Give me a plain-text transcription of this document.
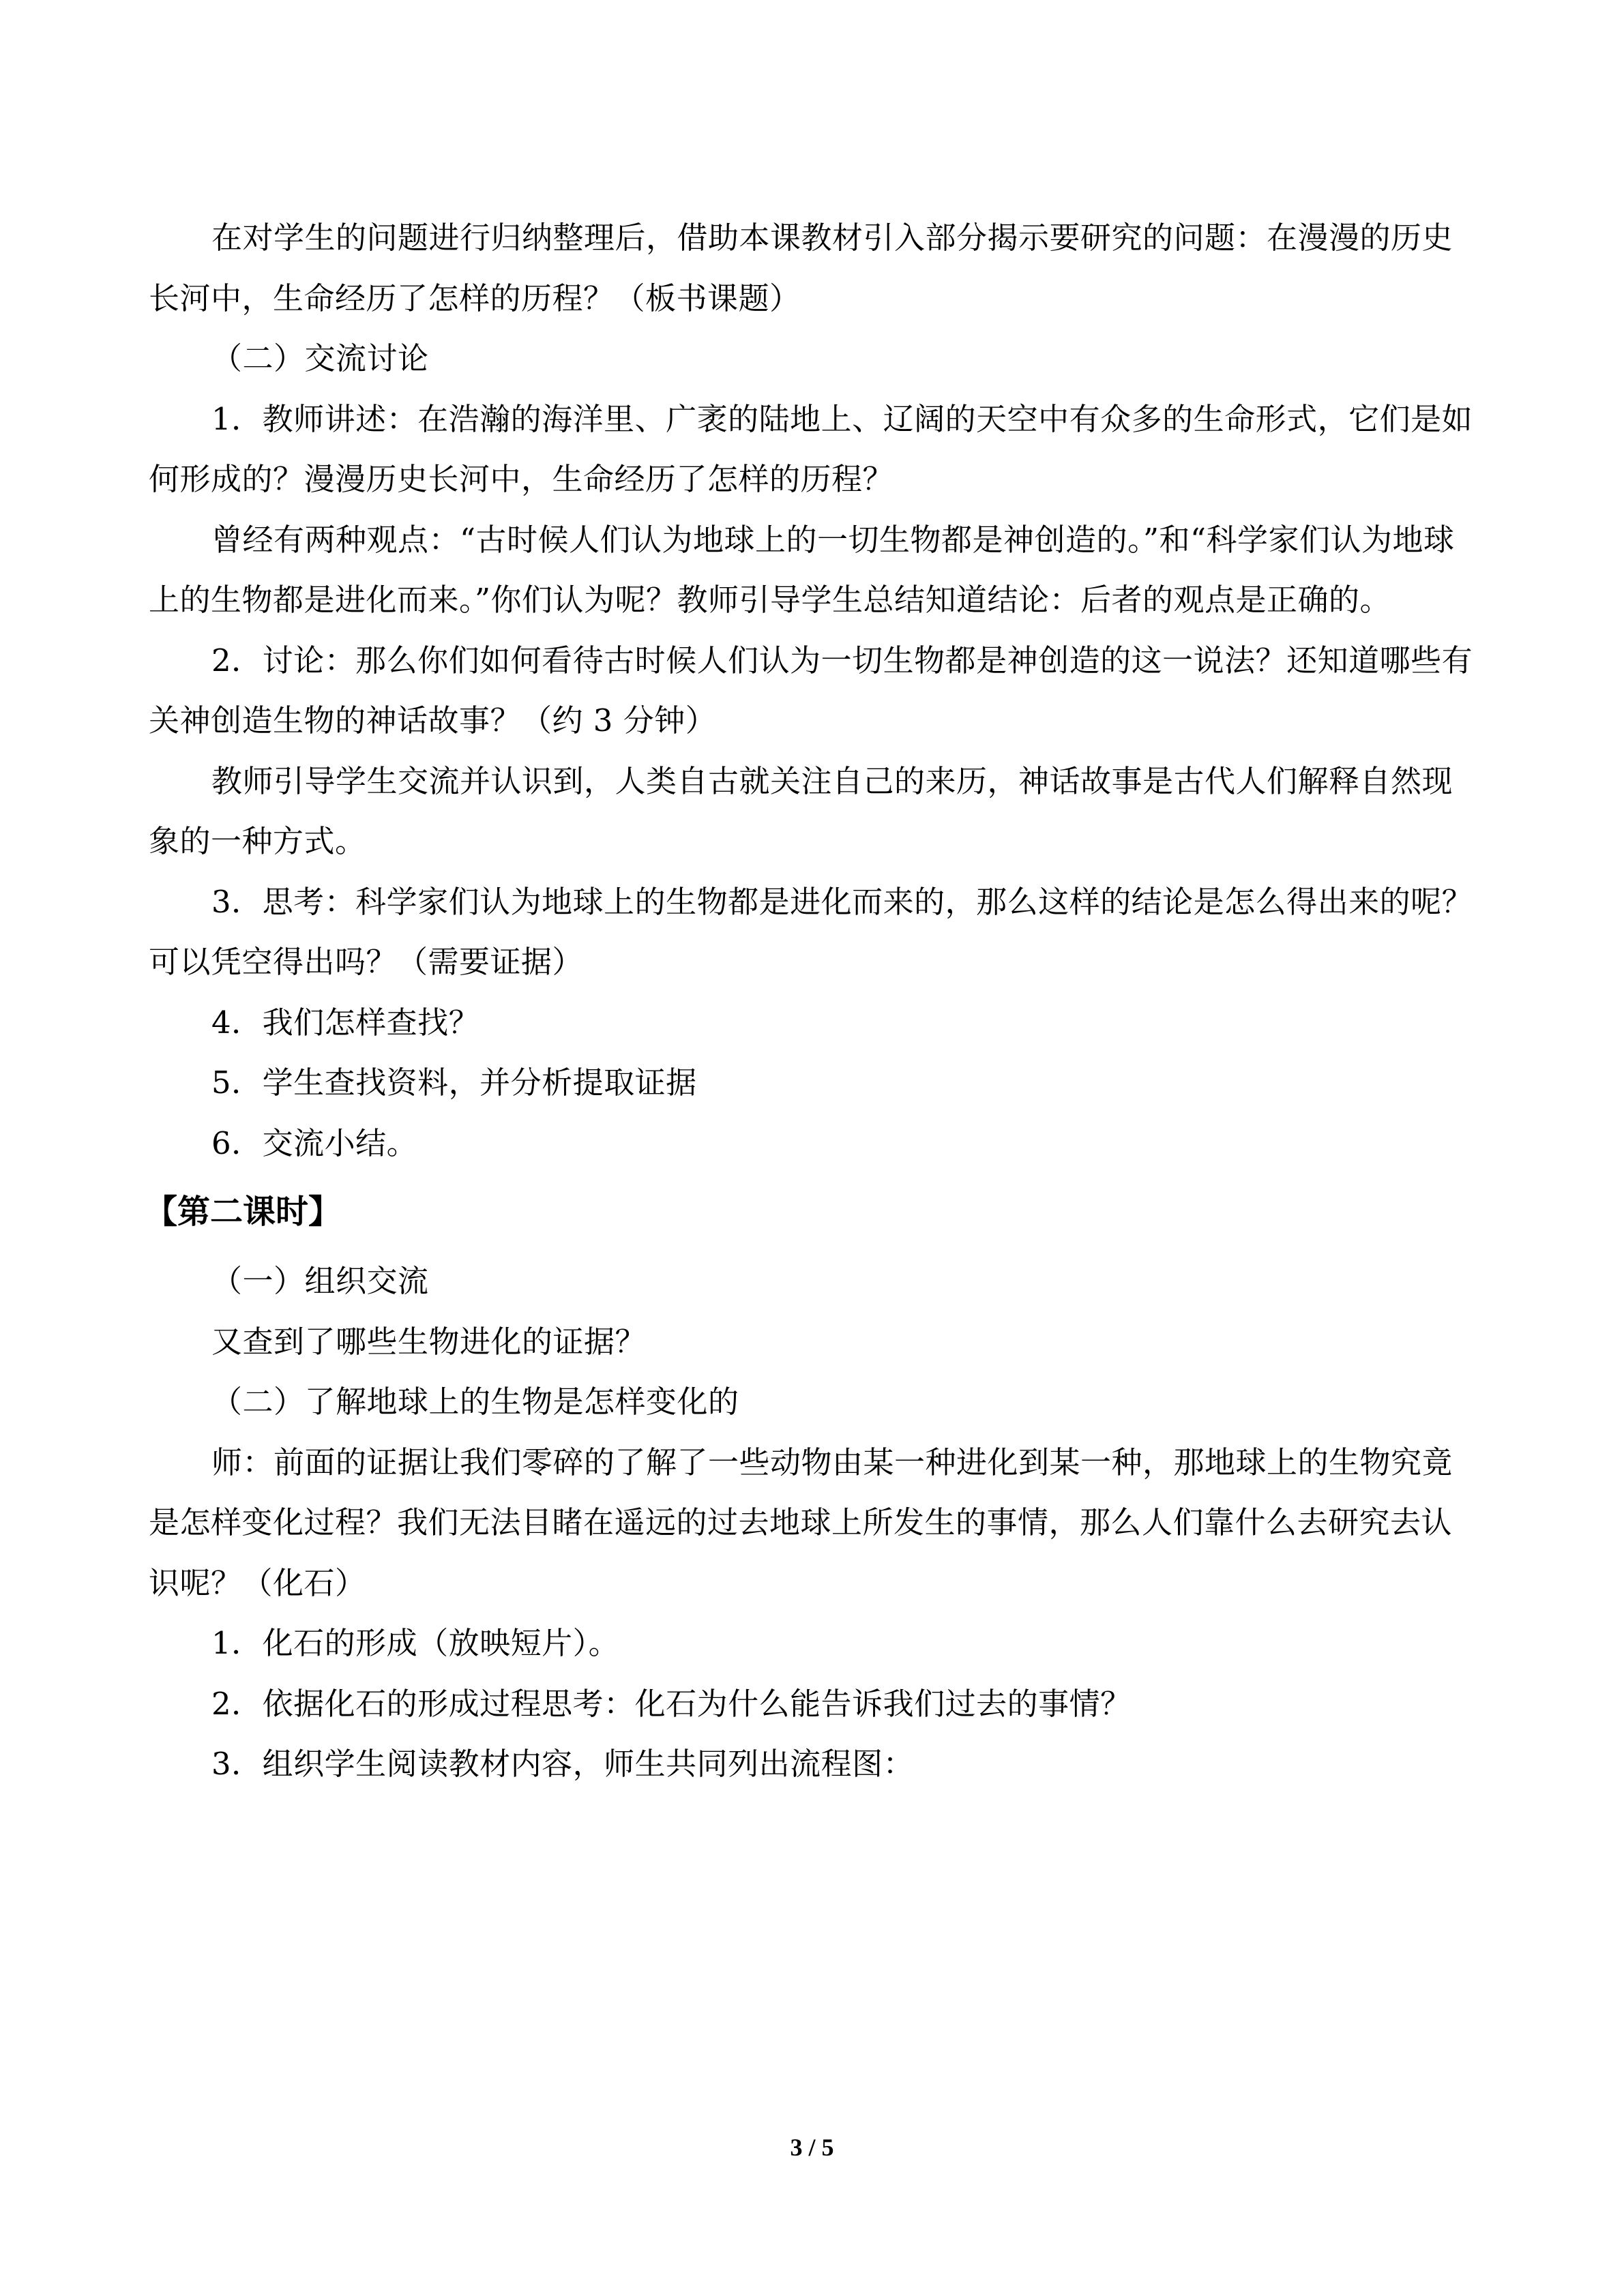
在对学生的问题进行归纳整理后，借助本课教材引入部分揭示要研究的问题：在漫漫的历史长河中，生命经历了怎样的历程？（板书课题）

（二）交流讨论

1．教师讲述：在浩瀚的海洋里、广袤的陆地上、辽阔的天空中有众多的生命形式，它们是如何形成的？漫漫历史长河中，生命经历了怎样的历程？

曾经有两种观点：“古时候人们认为地球上的一切生物都是神创造的。”和“科学家们认为地球上的生物都是进化而来。”你们认为呢？教师引导学生总结知道结论：后者的观点是正确的。

2．讨论：那么你们如何看待古时候人们认为一切生物都是神创造的这一说法？还知道哪些有关神创造生物的神话故事？（约 3 分钟）

教师引导学生交流并认识到，人类自古就关注自己的来历，神话故事是古代人们解释自然现象的一种方式。

3．思考：科学家们认为地球上的生物都是进化而来的，那么这样的结论是怎么得出来的呢？可以凭空得出吗？（需要证据）

4．我们怎样查找？

5．学生查找资料，并分析提取证据

6．交流小结。

【第二课时】

（一）组织交流

又查到了哪些生物进化的证据？

（二）了解地球上的生物是怎样变化的

师：前面的证据让我们零碎的了解了一些动物由某一种进化到某一种，那地球上的生物究竟是怎样变化过程？我们无法目睹在遥远的过去地球上所发生的事情，那么人们靠什么去研究去认识呢？（化石）

1．化石的形成（放映短片）。

2．依据化石的形成过程思考：化石为什么能告诉我们过去的事情？

3．组织学生阅读教材内容，师生共同列出流程图：

3 / 5
